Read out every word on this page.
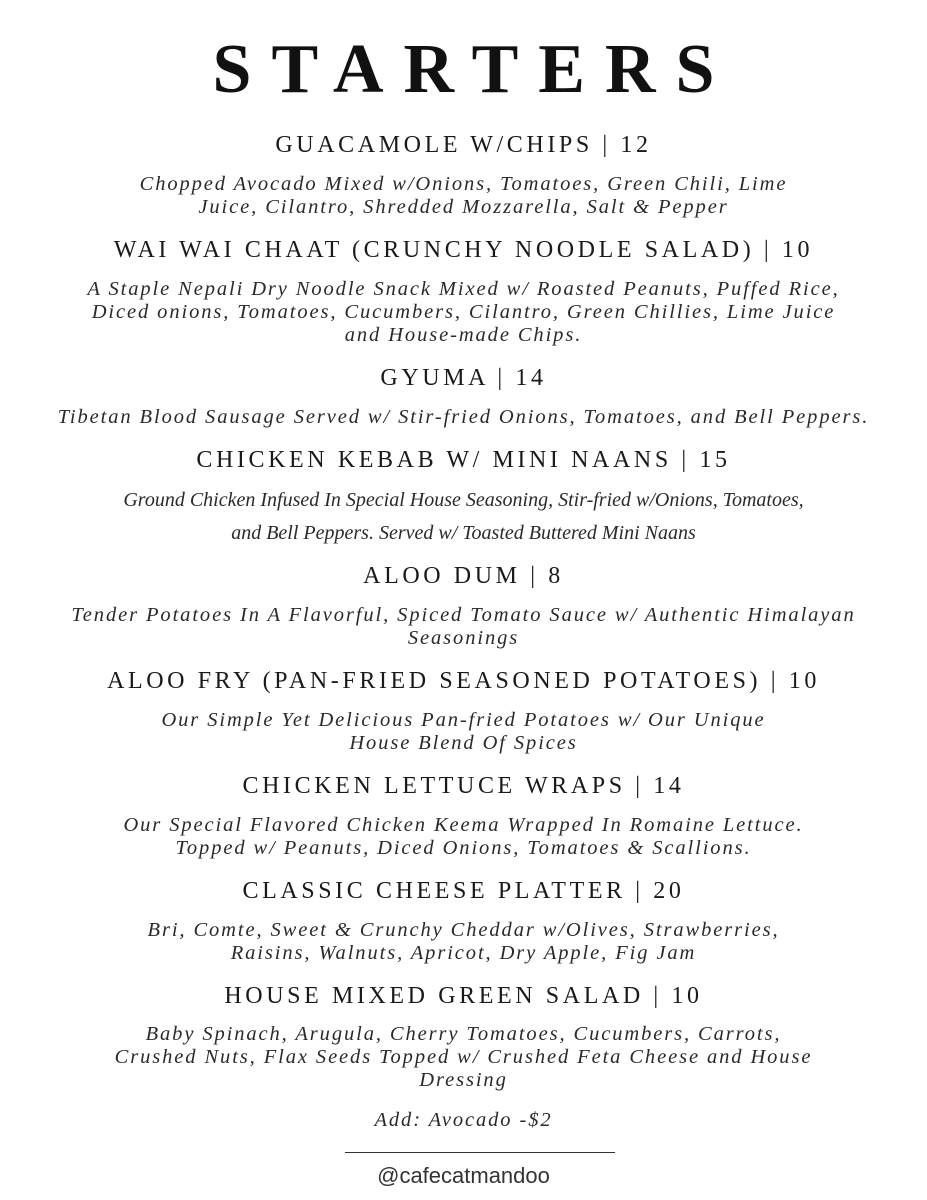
STARTERS
GUACAMOLE W/CHIPS | 12
Chopped Avocado Mixed w/Onions, Tomatoes, Green Chili, Lime
Juice, Cilantro, Shredded Mozzarella, Salt & Pepper
WAI WAI CHAAT (CRUNCHY NOODLE SALAD) | 10
A Staple Nepali Dry Noodle Snack Mixed w/ Roasted Peanuts, Puffed Rice,
Diced onions, Tomatoes, Cucumbers, Cilantro, Green Chillies, Lime Juice
and House-made Chips.
GYUMA | 14
Tibetan Blood Sausage Served w/ Stir-fried Onions, Tomatoes, and Bell Peppers.
CHICKEN KEBAB W/ MINI NAANS | 15
Ground Chicken Infused In Special House Seasoning, Stir-fried w/Onions, Tomatoes,
and Bell Peppers. Served w/ Toasted Buttered Mini Naans
ALOO DUM | 8
Tender Potatoes In A Flavorful, Spiced Tomato Sauce w/ Authentic Himalayan
Seasonings
ALOO FRY (PAN-FRIED SEASONED POTATOES) | 10
Our Simple Yet Delicious Pan-fried Potatoes w/ Our Unique
House Blend Of Spices
CHICKEN LETTUCE WRAPS | 14
Our Special Flavored Chicken Keema Wrapped In Romaine Lettuce.
Topped w/ Peanuts, Diced Onions, Tomatoes & Scallions.
CLASSIC CHEESE PLATTER | 20
Bri, Comte, Sweet & Crunchy Cheddar w/Olives, Strawberries,
Raisins, Walnuts, Apricot, Dry Apple, Fig Jam
HOUSE MIXED GREEN SALAD | 10
Baby Spinach, Arugula, Cherry Tomatoes, Cucumbers, Carrots,
Crushed Nuts, Flax Seeds Topped w/ Crushed Feta Cheese and House
Dressing
Add: Avocado -$2
@cafecatmandoo
